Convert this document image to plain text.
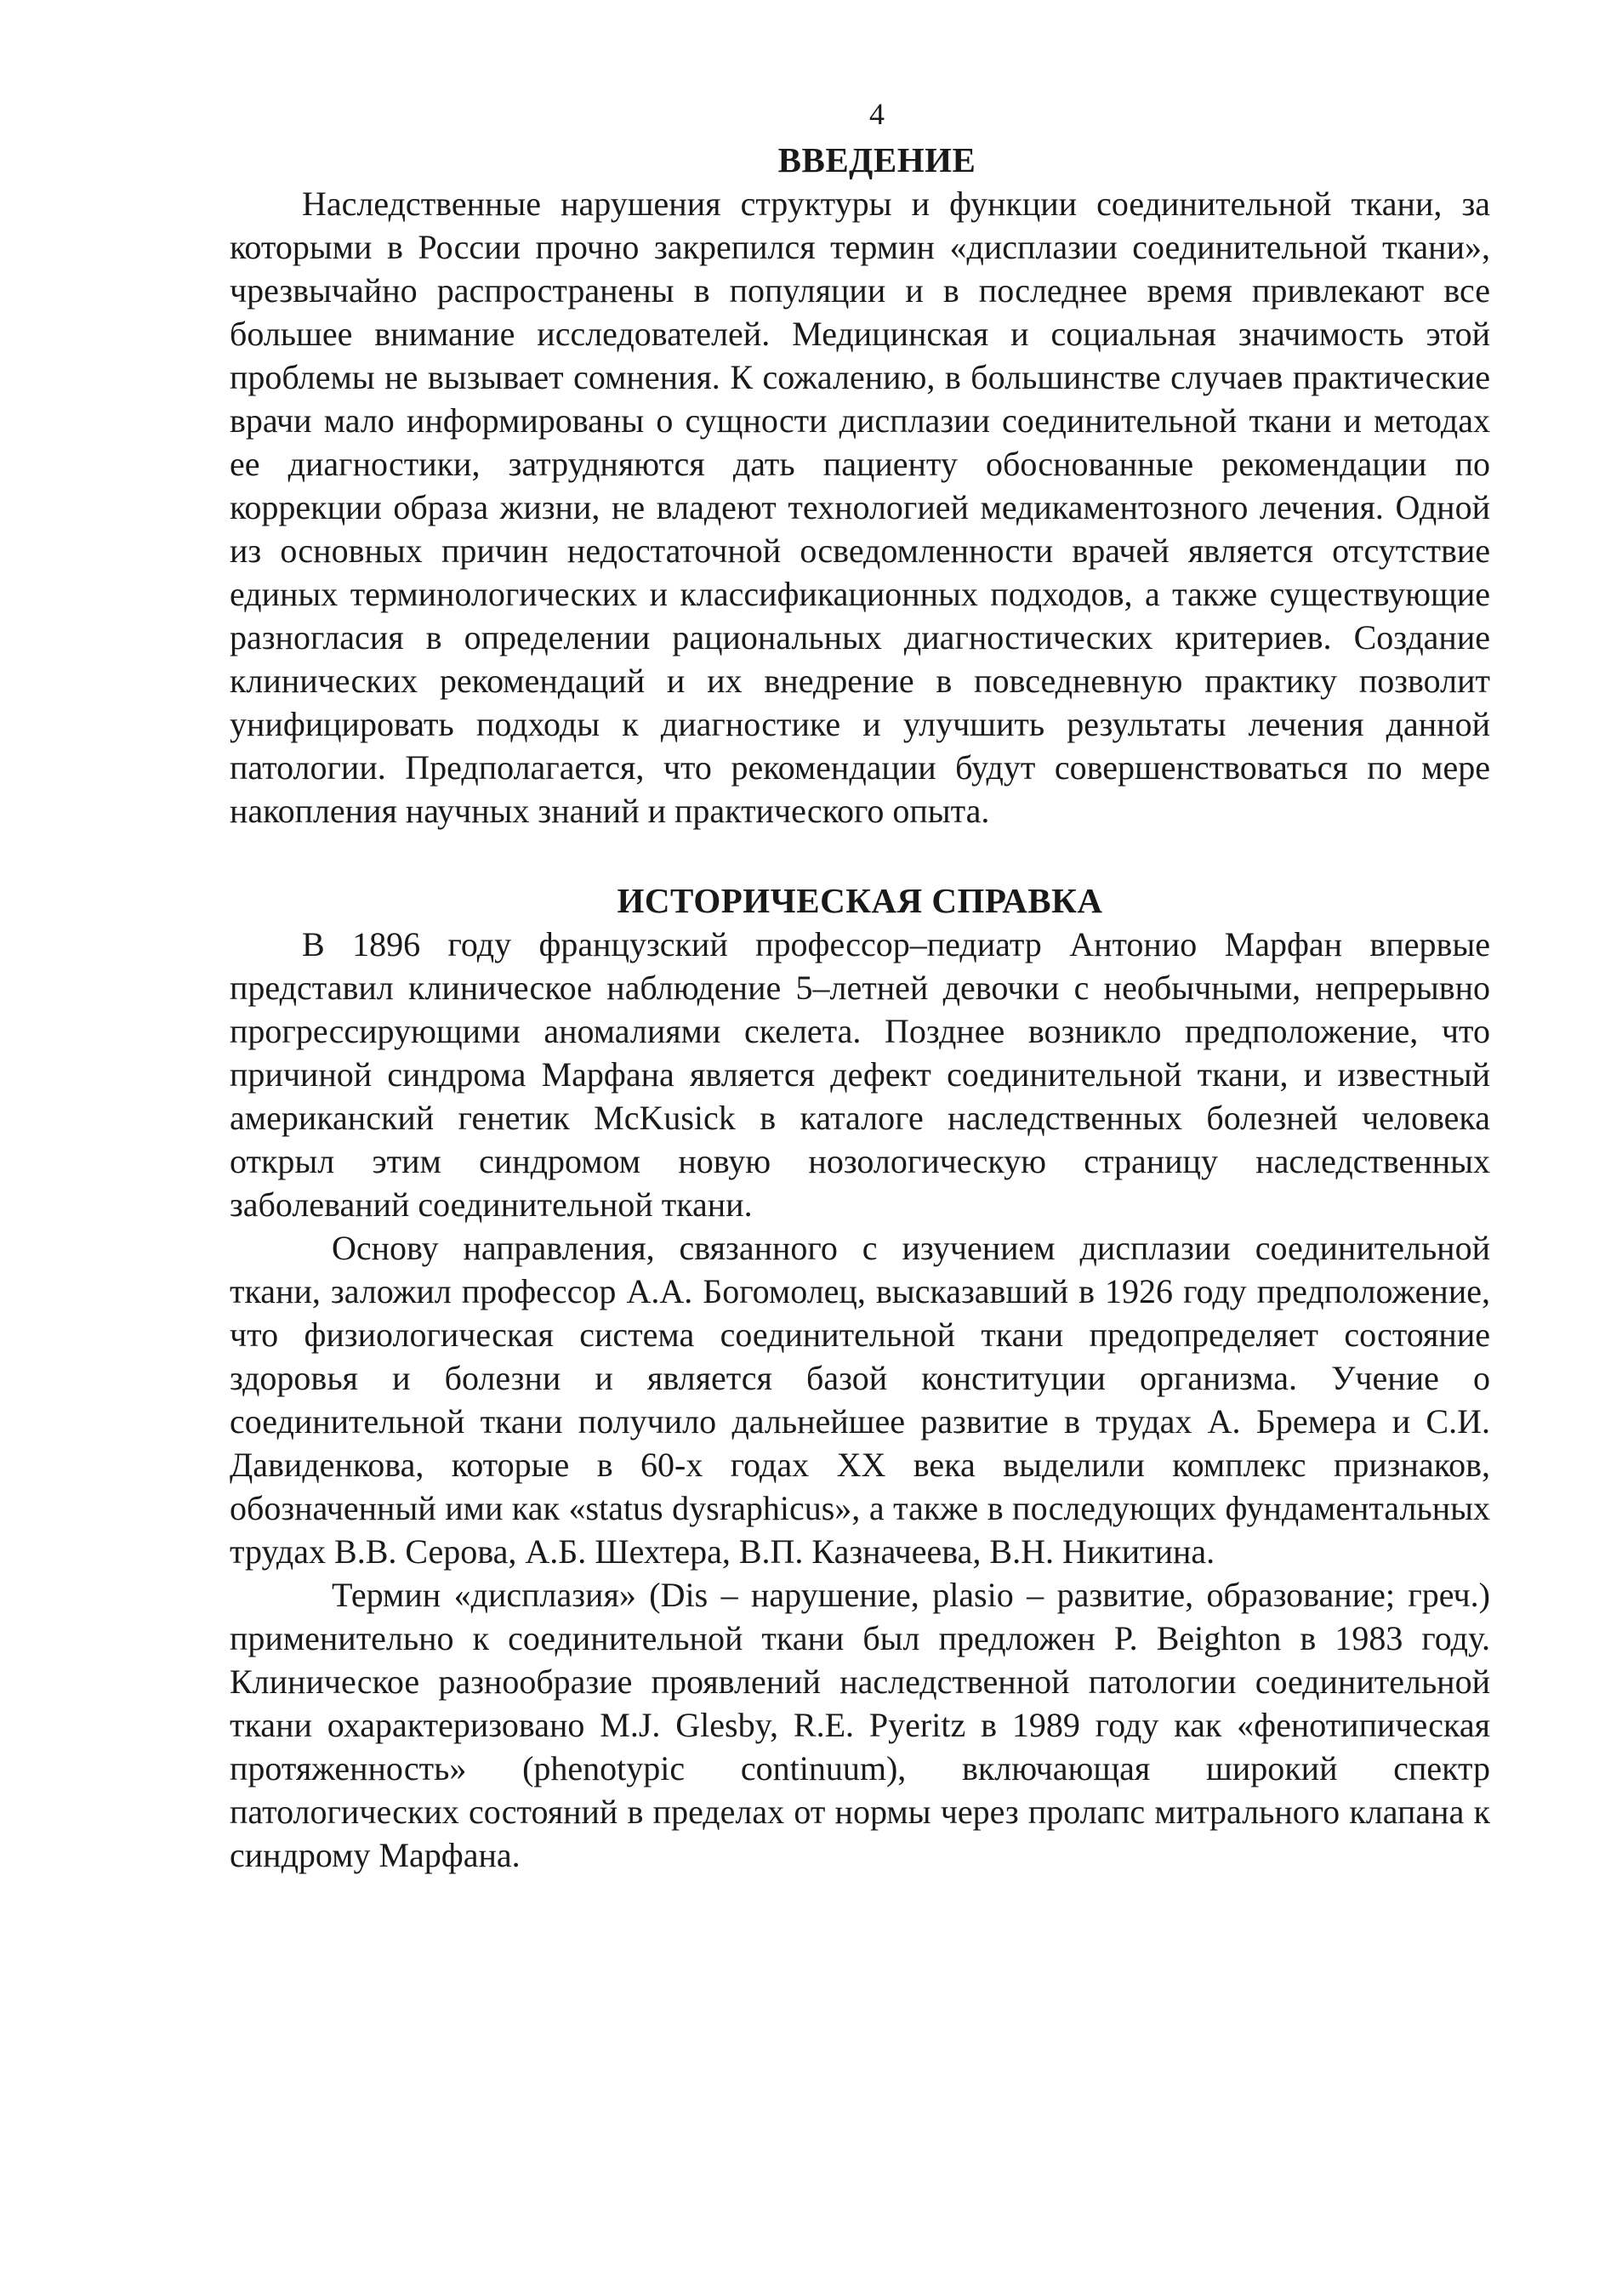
4
ВВЕДЕНИЕ

Наследственные нарушения структуры и функции соединительной ткани, за которыми в России прочно закрепился термин «дисплазии соединительной ткани», чрезвычайно распространены в популяции и в последнее время привлекают все большее внимание исследователей. Медицинская и социальная значимость этой проблемы не вызывает сомнения. К сожалению, в большинстве случаев практические врачи мало информированы о сущности дисплазии соединительной ткани и методах ее диагностики, затрудняются дать пациенту обоснованные рекомендации по коррекции образа жизни, не владеют технологией медикаментозного лечения. Одной из основных причин недостаточной осведомленности врачей является отсутствие единых терминологических и классификационных подходов, а также существующие разногласия в определении рациональных диагностических критериев. Создание клинических рекомендаций и их внедрение в повседневную практику позволит унифицировать подходы к диагностике и улучшить результаты лечения данной патологии. Предполагается, что рекомендации будут совершенствоваться по мере накопления научных знаний и практического опыта.

ИСТОРИЧЕСКАЯ СПРАВКА

В 1896 году французский профессор–педиатр Антонио Марфан впервые представил клиническое наблюдение 5–летней девочки с необычными, непрерывно прогрессирующими аномалиями скелета. Позднее возникло предположение, что причиной синдрома Марфана является дефект соединительной ткани, и известный американский генетик McKusick в каталоге наследственных болезней человека открыл этим синдромом новую нозологическую страницу наследственных заболеваний соединительной ткани.

Основу направления, связанного с изучением дисплазии соединительной ткани, заложил профессор А.А. Богомолец, высказавший в 1926 году предположение, что физиологическая система соединительной ткани предопределяет состояние здоровья и болезни и является базой конституции организма. Учение о соединительной ткани получило дальнейшее развитие в трудах А. Бремера и С.И. Давиденкова, которые в 60-х годах XX века выделили комплекс признаков, обозначенный ими как «status dysraphicus», а также в последующих фундаментальных трудах В.В. Серова, А.Б. Шехтера, В.П. Казначеева, В.Н. Никитина.

Термин «дисплазия» (Dis – нарушение, plasio – развитие, образование; греч.) применительно к соединительной ткани был предложен P. Beighton в 1983 году. Клиническое разнообразие проявлений наследственной патологии соединительной ткани охарактеризовано M.J. Glesby, R.E. Pyeritz в 1989 году как «фенотипическая протяженность» (phenotypic continuum), включающая широкий спектр патологических состояний в пределах от нормы через пролапс митрального клапана к синдрому Марфана.
